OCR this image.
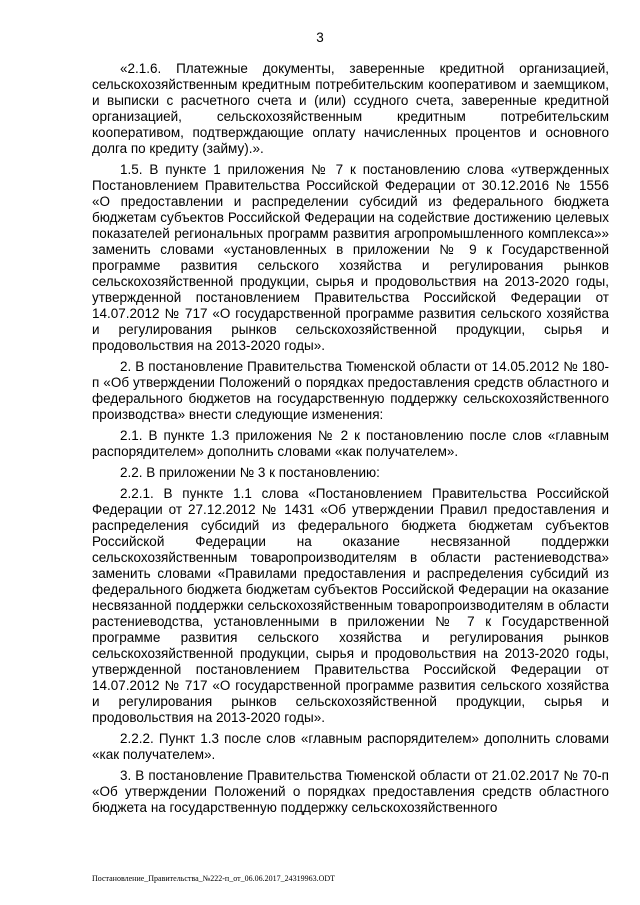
3

«2.1.6. Платежные документы, заверенные кредитной организацией, сельскохозяйственным кредитным потребительским кооперативом и заемщиком, и выписки с расчетного счета и (или) ссудного счета, заверенные кредитной организацией, сельскохозяйственным кредитным потребительским кооперативом, подтверждающие оплату начисленных процентов и основного долга по кредиту (займу).».

1.5. В пункте 1 приложения № 7 к постановлению слова «утвержденных Постановлением Правительства Российской Федерации от 30.12.2016 № 1556 «О предоставлении и распределении субсидий из федерального бюджета бюджетам субъектов Российской Федерации на содействие достижению целевых показателей региональных программ развития агропромышленного комплекса»» заменить словами «установленных в приложении № 9 к Государственной программе развития сельского хозяйства и регулирования рынков сельскохозяйственной продукции, сырья и продовольствия на 2013-2020 годы, утвержденной постановлением Правительства Российской Федерации от 14.07.2012 № 717 «О государственной программе развития сельского хозяйства и регулирования рынков сельскохозяйственной продукции, сырья и продовольствия на 2013-2020 годы».

2. В постановление Правительства Тюменской области от 14.05.2012 № 180-п «Об утверждении Положений о порядках предоставления средств областного и федерального бюджетов на государственную поддержку сельскохозяйственного производства» внести следующие изменения:

2.1. В пункте 1.3 приложения № 2 к постановлению после слов «главным распорядителем» дополнить словами «как получателем».

2.2. В приложении № 3 к постановлению:

2.2.1. В пункте 1.1 слова «Постановлением Правительства Российской Федерации от 27.12.2012 № 1431 «Об утверждении Правил предоставления и распределения субсидий из федерального бюджета бюджетам субъектов Российской Федерации на оказание несвязанной поддержки сельскохозяйственным товаропроизводителям в области растениеводства» заменить словами «Правилами предоставления и распределения субсидий из федерального бюджета бюджетам субъектов Российской Федерации на оказание несвязанной поддержки сельскохозяйственным товаропроизводителям в области растениеводства, установленными в приложении № 7 к Государственной программе развития сельского хозяйства и регулирования рынков сельскохозяйственной продукции, сырья и продовольствия на 2013-2020 годы, утвержденной постановлением Правительства Российской Федерации от 14.07.2012 № 717 «О государственной программе развития сельского хозяйства и регулирования рынков сельскохозяйственной продукции, сырья и продовольствия на 2013-2020 годы».

2.2.2. Пункт 1.3 после слов «главным распорядителем» дополнить словами «как получателем».

3. В постановление Правительства Тюменской области от 21.02.2017 № 70-п «Об утверждении Положений о порядках предоставления средств областного бюджета на государственную поддержку сельскохозяйственного

Постановление_Правительства_№222-п_от_06.06.2017_24319963.ODT
